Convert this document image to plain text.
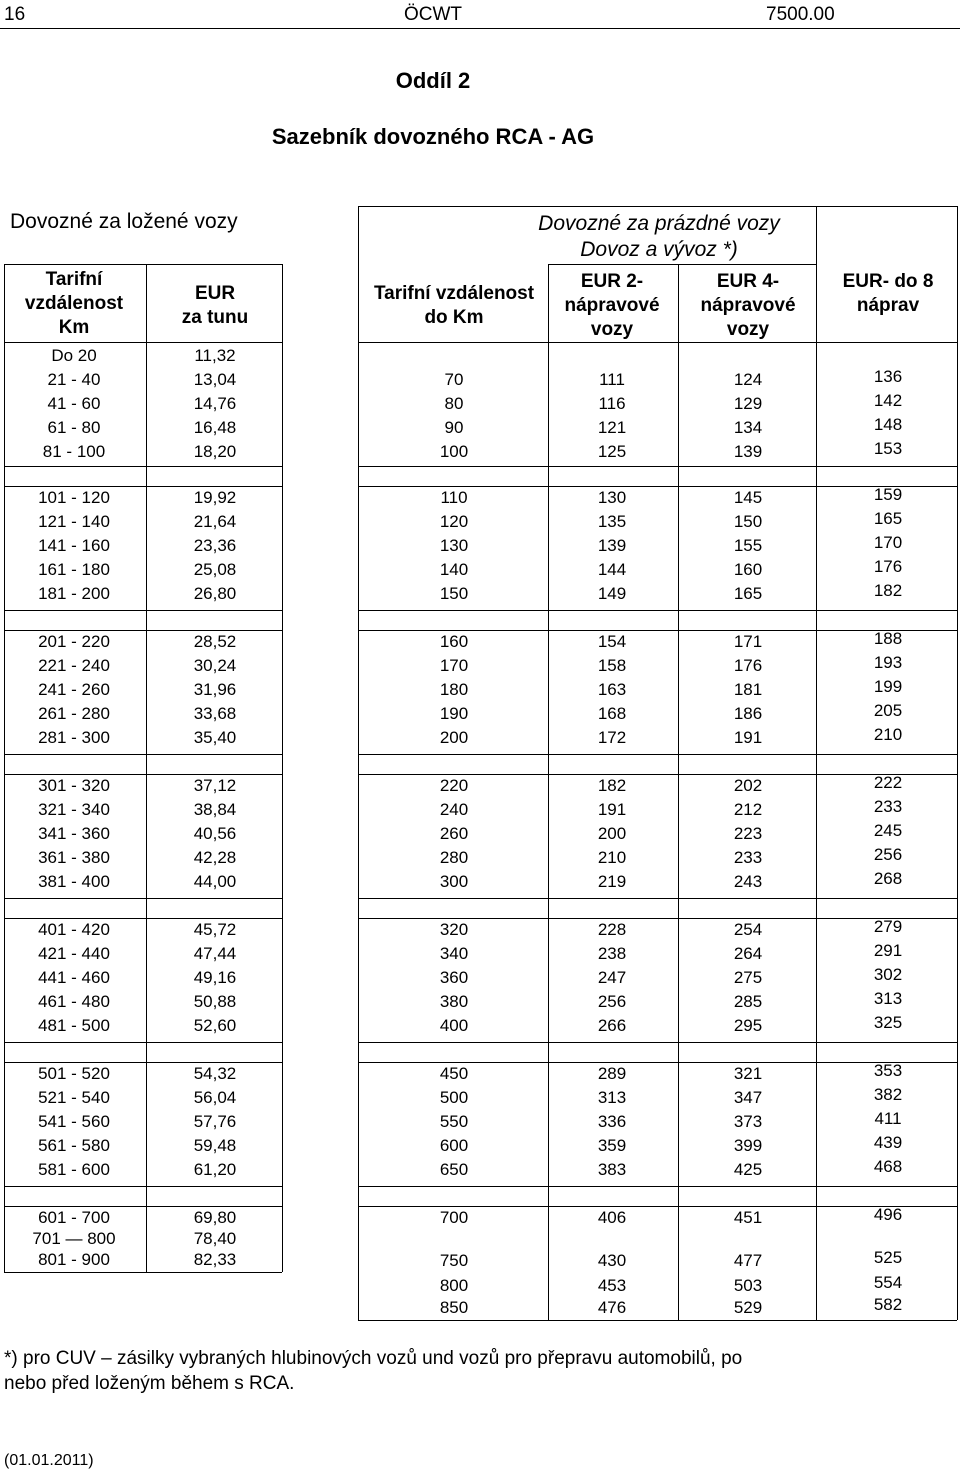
16	ÖCWT	7500.00
Oddíl 2
Sazebník dovozného RCA - AG
Dovozné za ložené vozy
Tarifní
vzdálenost
Km
EUR
za tunu
Dovozné za prázdné vozy
Dovoz a vývoz *)
Tarifní vzdálenost
do Km
EUR 2-
nápravové
vozy
EUR 4-
nápravové
vozy
EUR- do 8
náprav
Do 20	11,32
21 - 40	13,04
41 - 60	14,76
61 - 80	16,48
81 - 100	18,20
101 - 120	19,92
121 - 140	21,64
141 - 160	23,36
161 - 180	25,08
181 - 200	26,80
201 - 220	28,52
221 - 240	30,24
241 - 260	31,96
261 - 280	33,68
281 - 300	35,40
301 - 320	37,12
321 - 340	38,84
341 - 360	40,56
361 - 380	42,28
381 - 400	44,00
401 - 420	45,72
421 - 440	47,44
441 - 460	49,16
461 - 480	50,88
481 - 500	52,60
501 - 520	54,32
521 - 540	56,04
541 - 560	57,76
561 - 580	59,48
581 - 600	61,20
601 - 700	69,80
701 — 800	78,40
801 - 900	82,33
70	111	124	136
80	116	129	142
90	121	134	148
100	125	139	153
110	130	145	159
120	135	150	165
130	139	155	170
140	144	160	176
150	149	165	182
160	154	171	188
170	158	176	193
180	163	181	199
190	168	186	205
200	172	191	210
220	182	202	222
240	191	212	233
260	200	223	245
280	210	233	256
300	219	243	268
320	228	254	279
340	238	264	291
360	247	275	302
380	256	285	313
400	266	295	325
450	289	321	353
500	313	347	382
550	336	373	411
600	359	399	439
650	383	425	468
700	406	451	496
750	430	477	525
800	453	503	554
850	476	529	582
*) pro CUV – zásilky vybraných hlubinových vozů und vozů pro přepravu automobilů, po
nebo před loženým během s RCA.
(01.01.2011)
